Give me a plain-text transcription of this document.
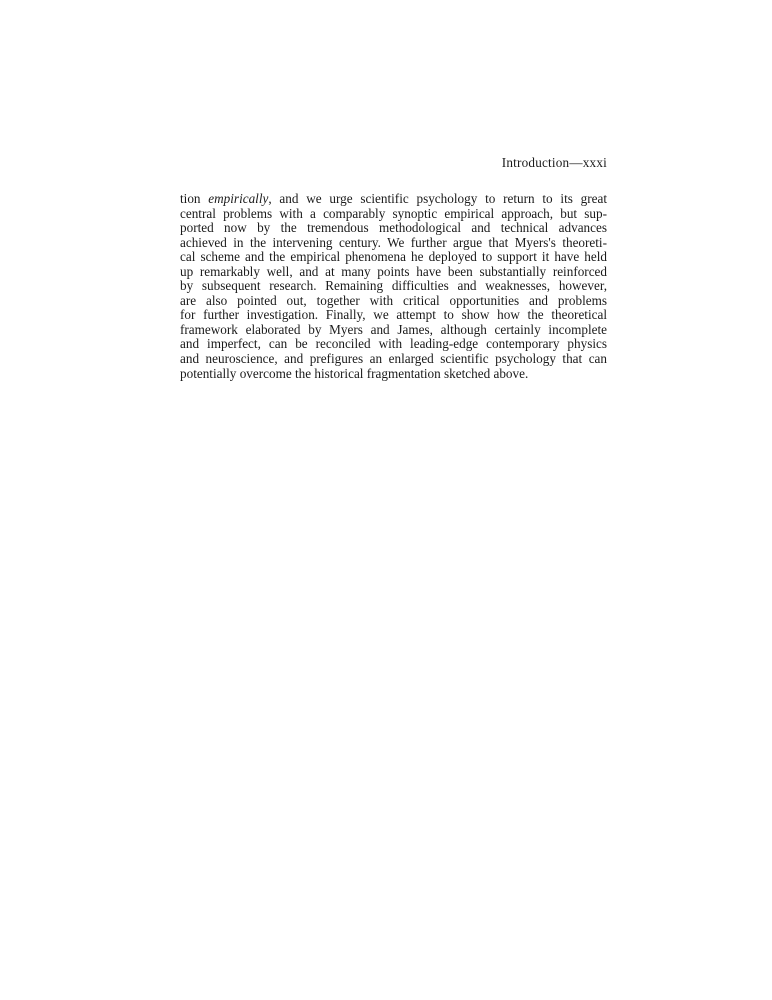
Introduction—xxxi
tion empirically, and we urge scientific psychology to return to its great
central problems with a comparably synoptic empirical approach, but sup-
ported now by the tremendous methodological and technical advances
achieved in the intervening century. We further argue that Myers's theoreti-
cal scheme and the empirical phenomena he deployed to support it have held
up remarkably well, and at many points have been substantially reinforced
by subsequent research. Remaining difficulties and weaknesses, however,
are also pointed out, together with critical opportunities and problems
for further investigation. Finally, we attempt to show how the theoretical
framework elaborated by Myers and James, although certainly incomplete
and imperfect, can be reconciled with leading-edge contemporary physics
and neuroscience, and prefigures an enlarged scientific psychology that can
potentially overcome the historical fragmentation sketched above.
